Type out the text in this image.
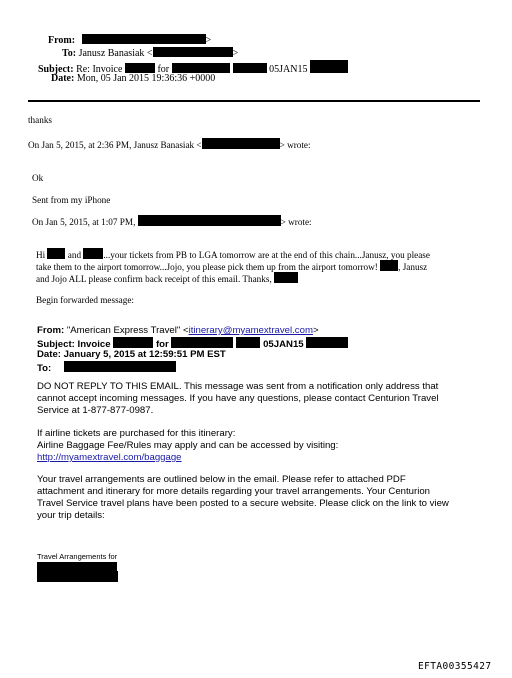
From:	>
To: Janusz Banasiak <	>
Subject: Re: Invoice	for	05JAN15
Date: Mon, 05 Jan 2015 19:36:36 +0000
thanks
On Jan 5, 2015, at 2:36 PM, Janusz Banasiak <	> wrote:
Ok
Sent from my iPhone
On Jan 5, 2015, at 1:07 PM,	> wrote:
Hi and ...your tickets from PB to LGA tomorrow are at the end of this chain...Janusz, you please
take them to the airport tomorrow...Jojo, you please pick them up from the airport tomorrow! , Janusz
and Jojo ALL please confirm back receipt of this email. Thanks,
Begin forwarded message:
From: "American Express Travel" <itinerary@myamextravel.com>
Subject: Invoice	for	05JAN15
Date: January 5, 2015 at 12:59:51 PM EST
To:
DO NOT REPLY TO THIS EMAIL. This message was sent from a notification only address that
cannot accept incoming messages. If you have any questions, please contact Centurion Travel
Service at 1-877-877-0987.
If airline tickets are purchased for this itinerary:
Airline Baggage Fee/Rules may apply and can be accessed by visiting:
http://myamextravel.com/baggage
Your travel arrangements are outlined below in the email. Please refer to attached PDF
attachment and itinerary for more details regarding your travel arrangements. Your Centurion
Travel Service travel plans have been posted to a secure website. Please click on the link to view
your trip details:
Travel Arrangements for
EFTA00355427
